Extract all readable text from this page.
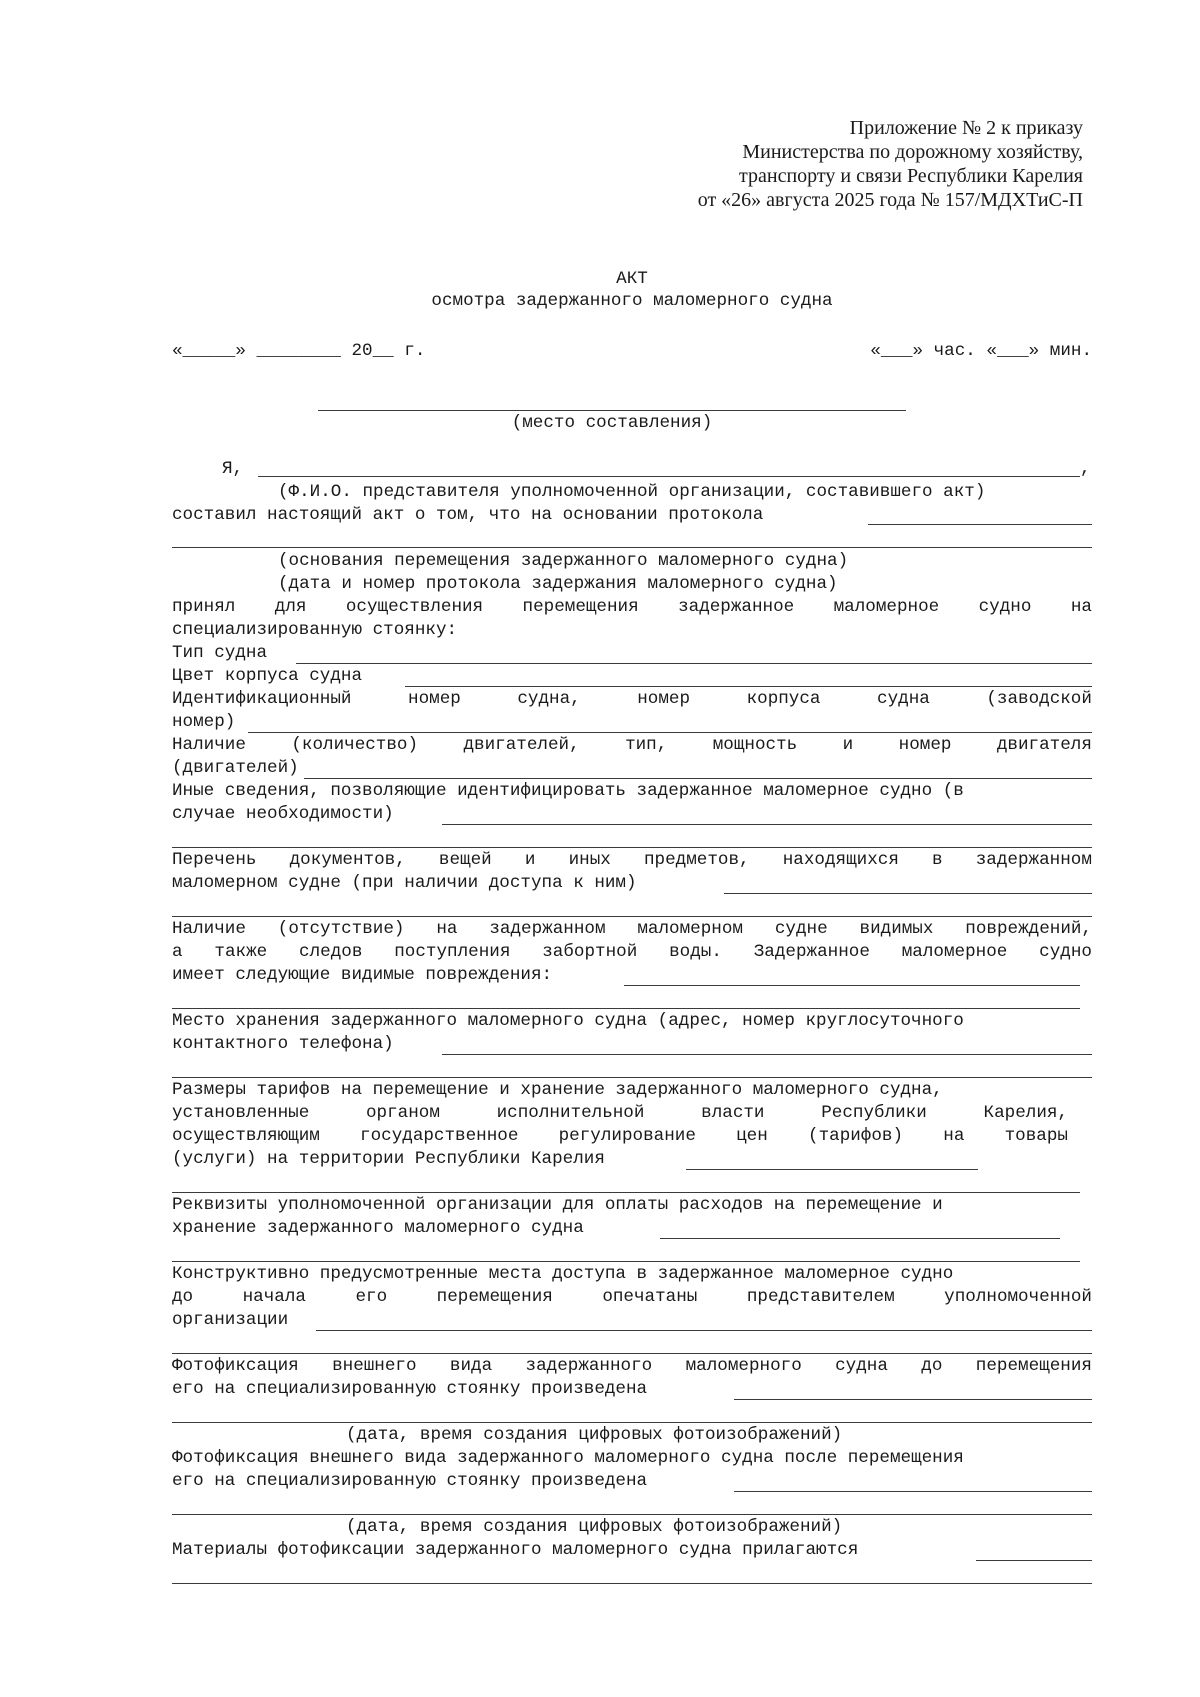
Приложение № 2 к приказу
Министерства по дорожному хозяйству,
транспорту и связи Республики Карелия
от «26» августа 2025 года № 157/МДХТиС-П
АКТ
осмотра задержанного маломерного судна
«_____» ________ 20__ г.	«___» час. «___» мин.
(место составления)
Я,	,
(Ф.И.О. представителя уполномоченной организации, составившего акт)
составил настоящий акт о том, что на основании протокола
(основания перемещения задержанного маломерного судна)
(дата и номер протокола задержания маломерного судна)
принял для осуществления перемещения задержанное маломерное судно на
специализированную стоянку:
Тип судна
Цвет корпуса судна
Идентификационный	номер	судна,	номер	корпуса	судна	(заводской
номер)
Наличие	(количество)	двигателей,	тип,	мощность	и	номер	двигателя
(двигателей)
Иные сведения, позволяющие идентифицировать задержанное маломерное судно (в
случае необходимости)
Перечень документов, вещей и иных предметов, находящихся в задержанном
маломерном судне (при наличии доступа к ним)
Наличие (отсутствие) на задержанном маломерном судне видимых повреждений,
а также следов поступления забортной воды. Задержанное маломерное судно
имеет следующие видимые повреждения:
Место хранения задержанного маломерного судна (адрес, номер круглосуточного
контактного телефона)
Размеры тарифов на перемещение и хранение задержанного маломерного судна,
установленные	органом	исполнительной	власти	Республики	Карелия,
осуществляющим государственное регулирование цен (тарифов) на товары
(услуги) на территории Республики Карелия
Реквизиты уполномоченной организации для оплаты расходов на перемещение и
хранение задержанного маломерного судна
Конструктивно предусмотренные места доступа в задержанное маломерное судно
до	начала	его	перемещения	опечатаны	представителем	уполномоченной
организации
Фотофиксация внешнего вида задержанного маломерного судна до перемещения
его на специализированную стоянку произведена
(дата, время создания цифровых фотоизображений)
Фотофиксация внешнего вида задержанного маломерного судна после перемещения
его на специализированную стоянку произведена
(дата, время создания цифровых фотоизображений)
Материалы фотофиксации задержанного маломерного судна прилагаются
